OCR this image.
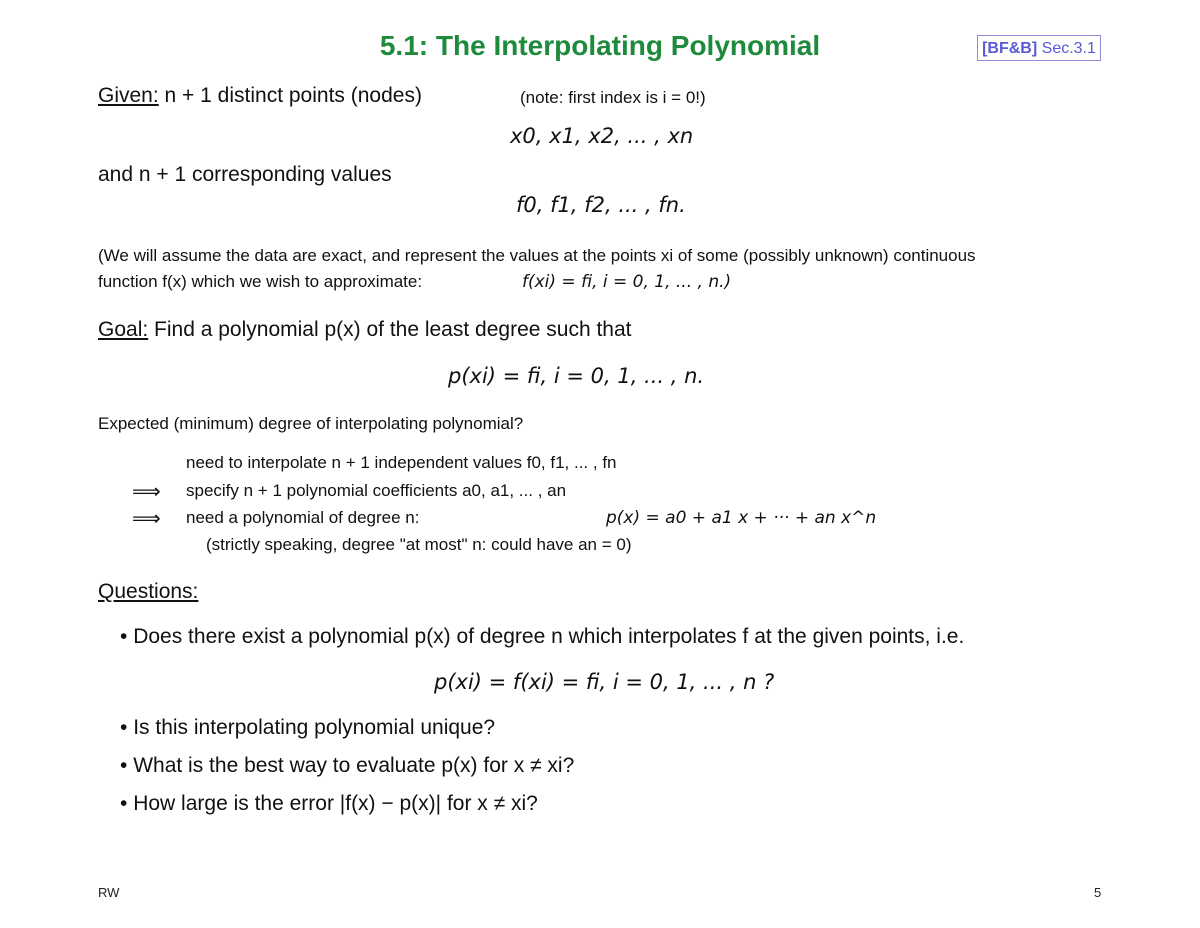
5.1: The Interpolating Polynomial	[BF&B] Sec.3.1
Given: n + 1 distinct points (nodes)	(note: first index is i = 0!)
x0, x1, x2, ... , xn
and n + 1 corresponding values
f0, f1, f2, ... , fn.
(We will assume the data are exact, and represent the values at the points xi of some (possibly unknown) continuous
function f(x) which we wish to approximate:	f(xi) = fi, i = 0, 1, ... , n.)
Goal: Find a polynomial p(x) of the least degree such that
p(xi) = fi, i = 0, 1, ... , n.
Expected (minimum) degree of interpolating polynomial?
need to interpolate n + 1 independent values f0, f1, ... , fn
⟹ specify n + 1 polynomial coefficients a0, a1, ... , an
⟹ need a polynomial of degree n:	p(x) = a0 + a1 x + ··· + an x^n
(strictly speaking, degree "at most" n: could have an = 0)
Questions:
• Does there exist a polynomial p(x) of degree n which interpolates f at the given points, i.e.
p(xi) = f(xi) = fi, i = 0, 1, ... , n ?
• Is this interpolating polynomial unique?
• What is the best way to evaluate p(x) for x ≠ xi?
• How large is the error |f(x) − p(x)| for x ≠ xi?
RW	5
